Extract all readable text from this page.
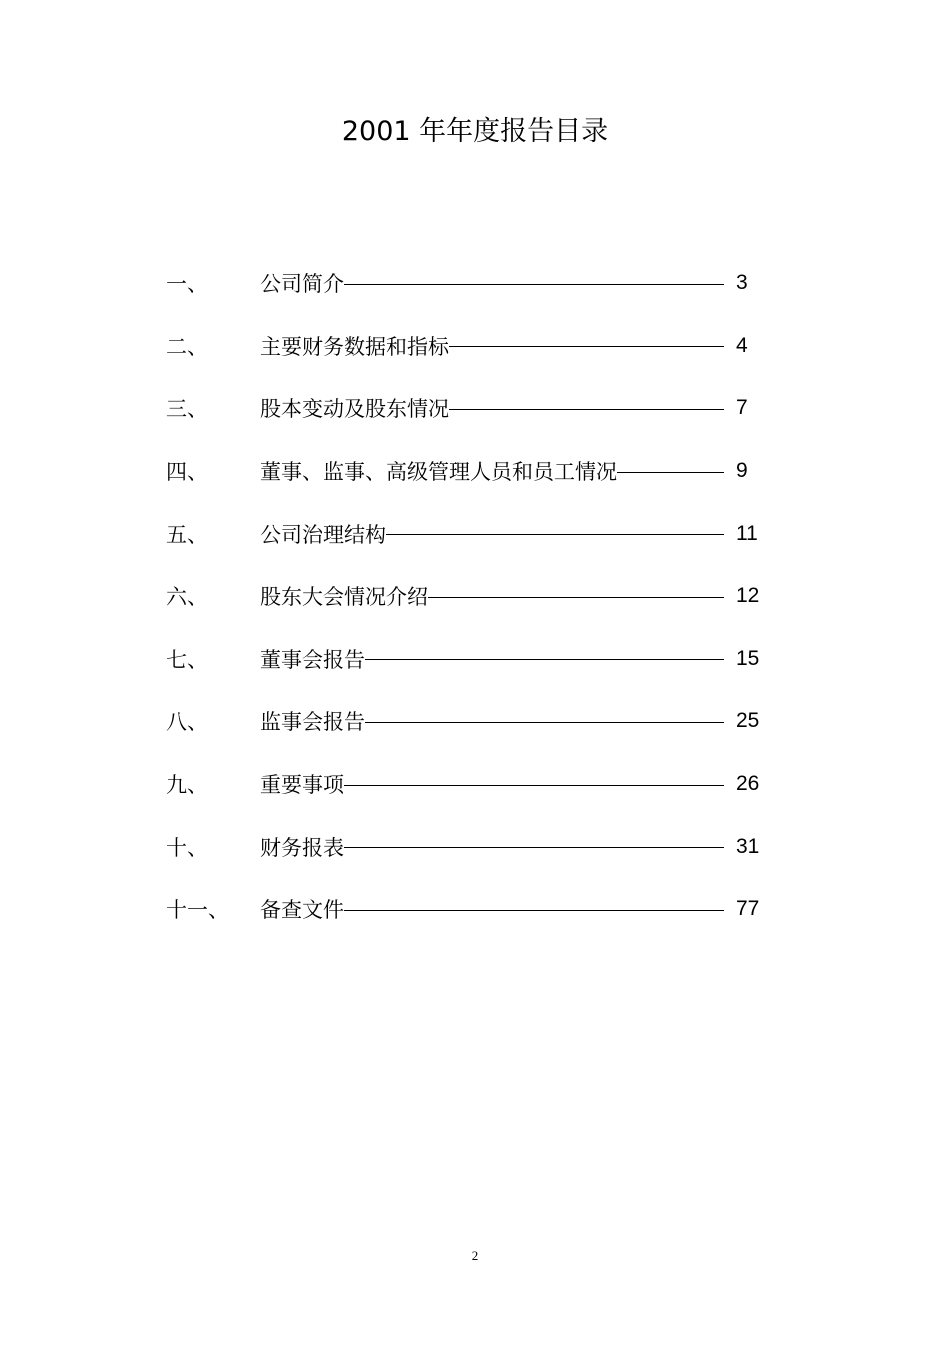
2001 年年度报告目录
一、	公司简介	3
二、	主要财务数据和指标	4
三、	股本变动及股东情况	7
四、	董事、监事、高级管理人员和员工情况	9
五、	公司治理结构	11
六、	股东大会情况介绍	12
七、	董事会报告	15
八、	监事会报告	25
九、	重要事项	26
十、	财务报表	31
十一、	备查文件	77
2
